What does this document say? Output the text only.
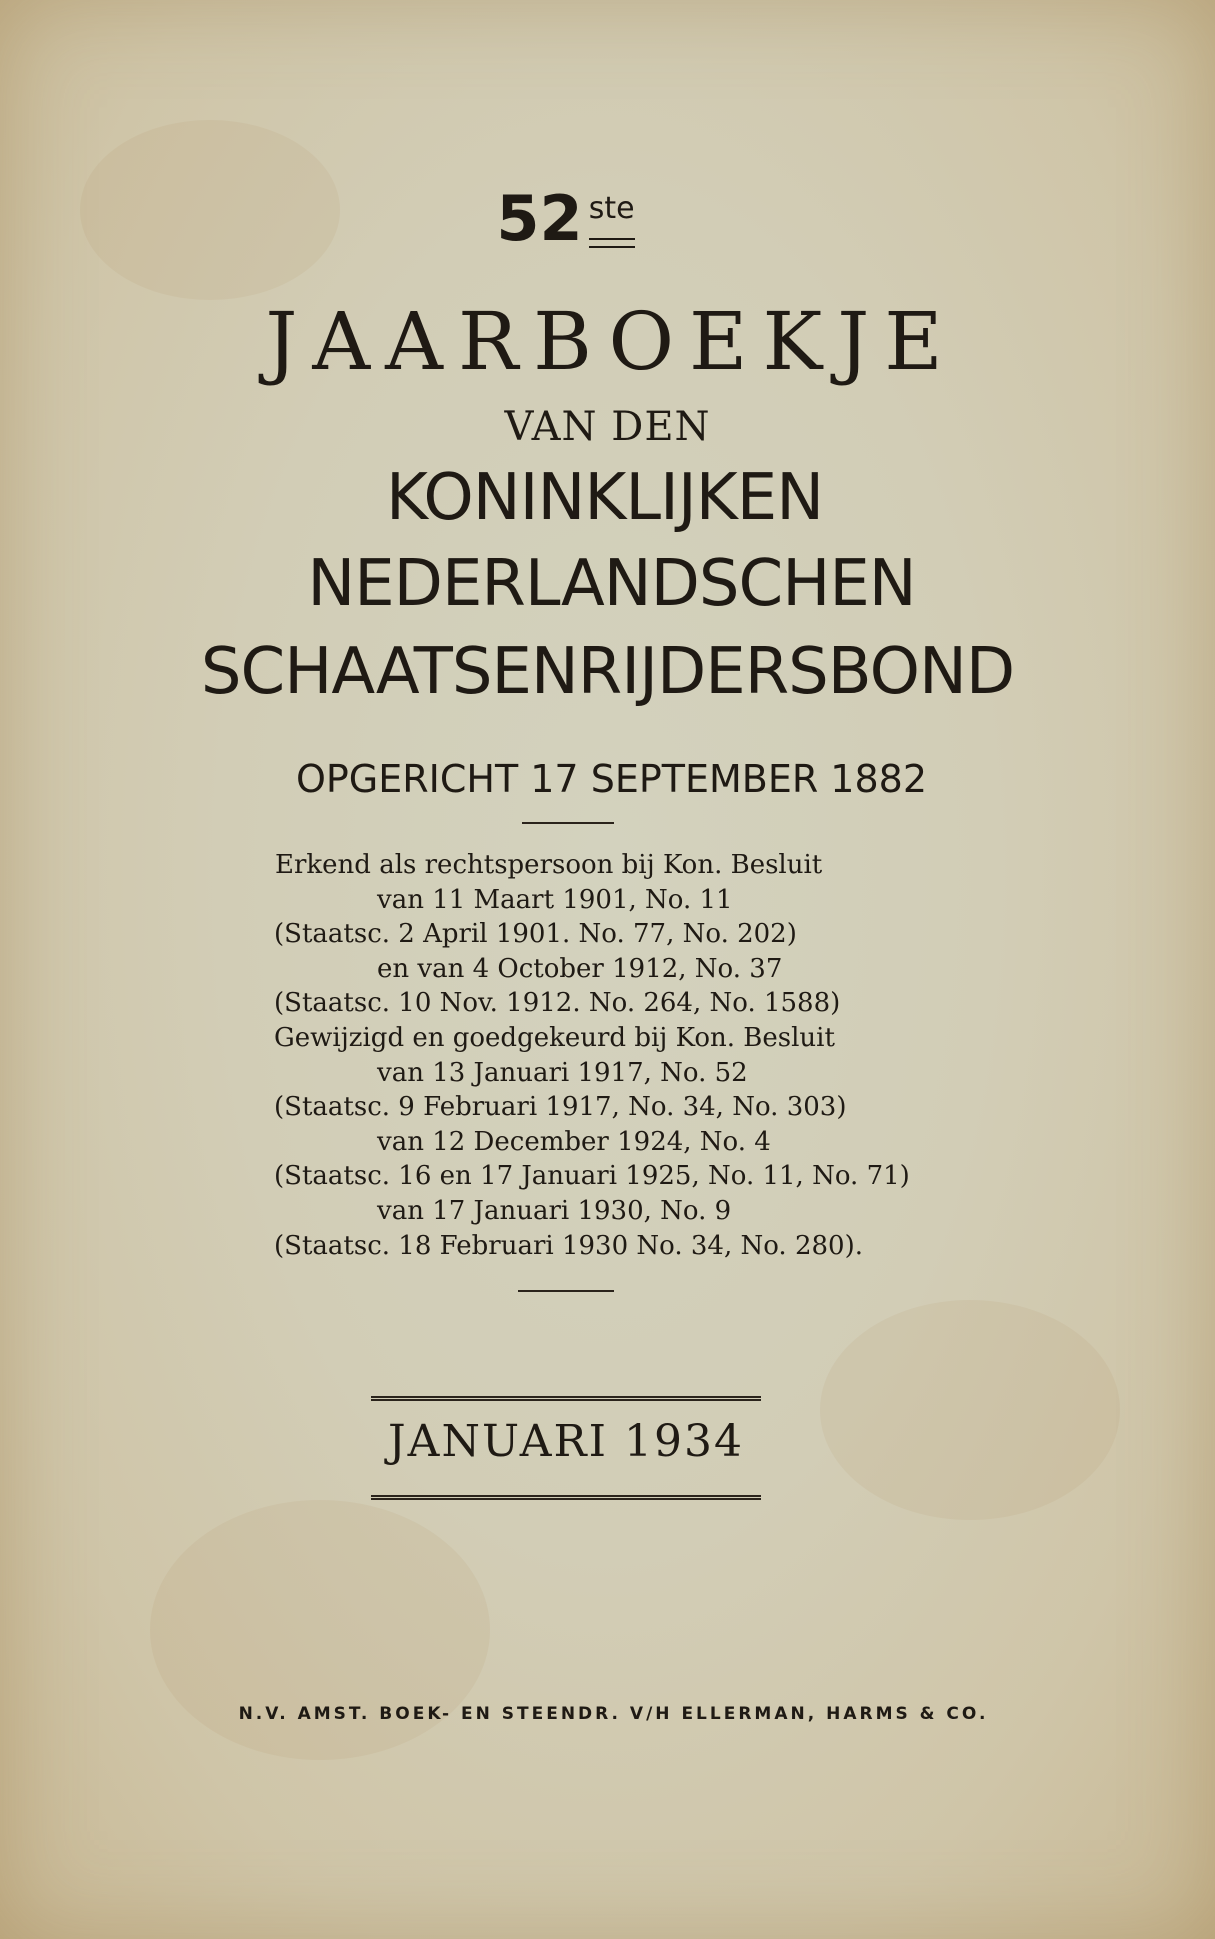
52 ste
JAARBOEKJE
VAN DEN
KONINKLIJKEN
NEDERLANDSCHEN
SCHAATSENRIJDERSBOND
OPGERICHT 17 SEPTEMBER 1882
Erkend als rechtspersoon bij Kon. Besluit
van 11 Maart 1901, No. 11
(Staatsc. 2 April 1901. No. 77, No. 202)
en van 4 October 1912, No. 37
(Staatsc. 10 Nov. 1912. No. 264, No. 1588)
Gewijzigd en goedgekeurd bij Kon. Besluit
van 13 Januari 1917, No. 52
(Staatsc. 9 Februari 1917, No. 34, No. 303)
van 12 December 1924, No. 4
(Staatsc. 16 en 17 Januari 1925, No. 11, No. 71)
van 17 Januari 1930, No. 9
(Staatsc. 18 Februari 1930 No. 34, No. 280).
JANUARI 1934
N.V. AMST. BOEK- EN STEENDR. V/H ELLERMAN, HARMS & CO.
